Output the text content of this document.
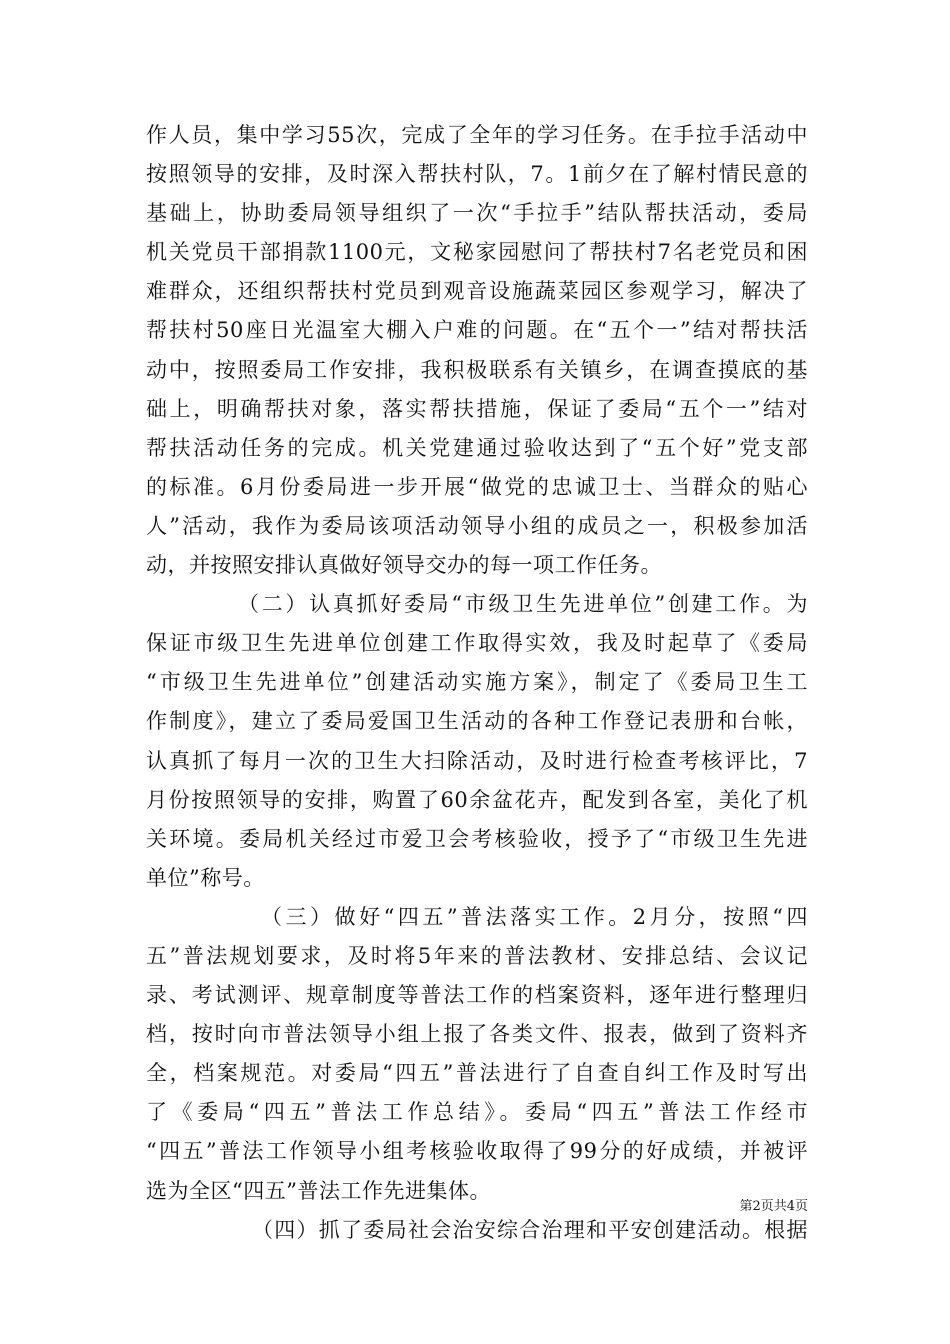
作人员，集中学习55次，完成了全年的学习任务。在手拉手活动中
按照领导的安排，及时深入帮扶村队，7。1前夕在了解村情民意的
基础上，协助委局领导组织了一次“手拉手”结队帮扶活动，委局
机关党员干部捐款1100元，文秘家园慰问了帮扶村7名老党员和困
难群众，还组织帮扶村党员到观音设施蔬菜园区参观学习，解决了
帮扶村50座日光温室大棚入户难的问题。在“五个一”结对帮扶活
动中，按照委局工作安排，我积极联系有关镇乡，在调查摸底的基
础上，明确帮扶对象，落实帮扶措施，保证了委局“五个一”结对
帮扶活动任务的完成。机关党建通过验收达到了“五个好”党支部
的标准。6月份委局进一步开展“做党的忠诚卫士、当群众的贴心
人”活动，我作为委局该项活动领导小组的成员之一，积极参加活
动，并按照安排认真做好领导交办的每一项工作任务。
（二）认真抓好委局“市级卫生先进单位”创建工作。为
保证市级卫生先进单位创建工作取得实效，我及时起草了《委局
“市级卫生先进单位”创建活动实施方案》，制定了《委局卫生工
作制度》，建立了委局爱国卫生活动的各种工作登记表册和台帐，
认真抓了每月一次的卫生大扫除活动，及时进行检查考核评比，7
月份按照领导的安排，购置了60余盆花卉，配发到各室，美化了机
关环境。委局机关经过市爱卫会考核验收，授予了“市级卫生先进
单位”称号。
（三）做好“四五”普法落实工作。2月分，按照“四
五”普法规划要求，及时将5年来的普法教材、安排总结、会议记
录、考试测评、规章制度等普法工作的档案资料，逐年进行整理归
档，按时向市普法领导小组上报了各类文件、报表，做到了资料齐
全，档案规范。对委局“四五”普法进行了自查自纠工作及时写出
了《委局“四五”普法工作总结》。委局“四五”普法工作经市
“四五”普法工作领导小组考核验收取得了99分的好成绩，并被评
选为全区“四五”普法工作先进集体。
（四）抓了委局社会治安综合治理和平安创建活动。根据
第2页共4页
